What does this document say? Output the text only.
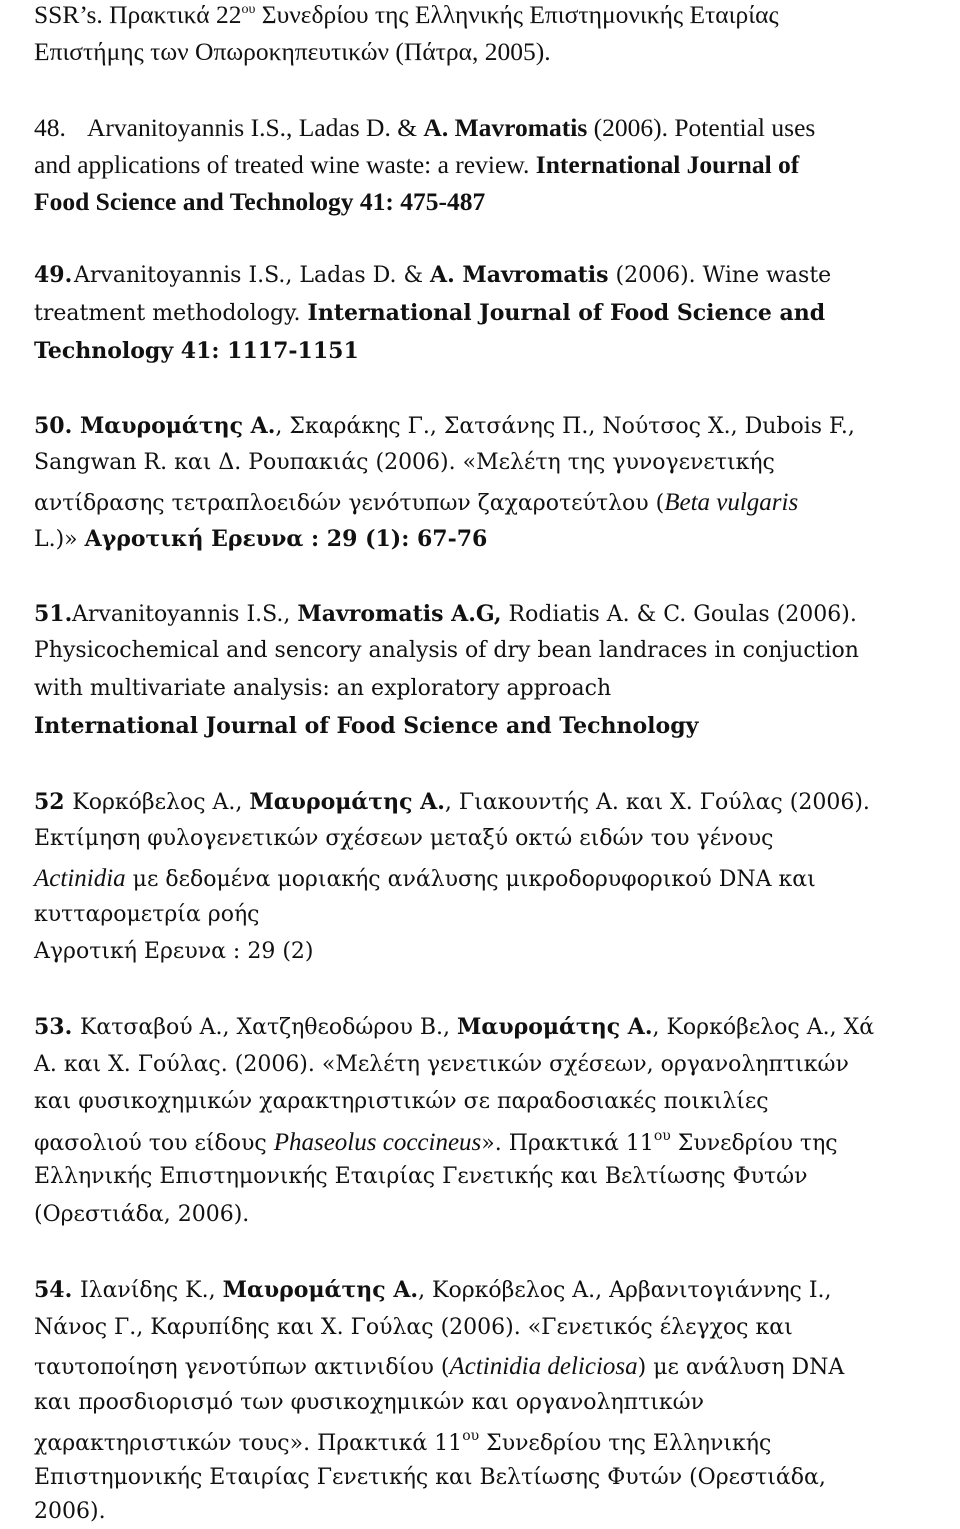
SSR’s. Πρακτικά $22^{o\upsilon}$ Συνεδρίου της Ελληνικής Επιστημονικής Εταιρίας
Επιστήμης των Οπωροκηπευτικών (Πάτρα, 2005).
48. Arvanitoyannis I.S., Ladas D. & A. Mavromatis (2006). Potential uses
and applications of treated wine waste: a review. International Journal of
Food Science and Technology 41: 475-487
49.Arvanitoyannis I.S., Ladas D. & A. Mavromatis (2006). Wine waste
treatment methodology. International Journal of Food Science and
Technology 41: 1117-1151
50. Μαυρομάτης Α., Σκαράκης Γ., Σατσάνης Π., Νούτσος Χ., Dubois F.,
Sangwan R. και Δ. Ρουπακιάς (2006). «Μελέτη της γυνογενετικής
αντίδρασης τετραπλοειδών γενότυπων ζαχαροτεύτλου (Beta vulgaris
L.)» Αγροτική Ερευνα : 29 (1): 67-76
51.Arvanitoyannis I.S., Mavromatis A.G, Rodiatis A. & C. Goulas (2006).
Physicochemical and sencory analysis of dry bean landraces in conjuction
with multivariate analysis: an exploratory approach
International Journal of Food Science and Technology
52 Κορκόβελος Α., Μαυρομάτης Α., Γιακουντής Α. και Χ. Γούλας (2006).
Εκτίμηση φυλογενετικών σχέσεων μεταξύ οκτώ ειδών του γένους
Actinidia με δεδομένα μοριακής ανάλυσης μικροδορυφορικού DNA και
κυτταρομετρία ροής
Αγροτική Ερευνα : 29 (2)
53. Κατσαβού Α., Χατζηθεοδώρου Β., Μαυρομάτης Α., Κορκόβελος Α., Χά
Α. και Χ. Γούλας. (2006). «Μελέτη γενετικών σχέσεων, οργανοληπτικών
και φυσικοχημικών χαρακτηριστικών σε παραδοσιακές ποικιλίες
φασολιού του είδους Phaseolus coccineus». Πρακτικά $11^{o\upsilon}$ Συνεδρίου της
Ελληνικής Επιστημονικής Εταιρίας Γενετικής και Βελτίωσης Φυτών
(Ορεστιάδα, 2006).
54. Ιλανίδης Κ., Μαυρομάτης Α., Κορκόβελος Α., Αρβανιτογιάννης Ι.,
Νάνος Γ., Καρυπίδης και Χ. Γούλας (2006). «Γενετικός έλεγχος και
ταυτοποίηση γενοτύπων ακτινιδίου (Actinidia deliciosa) με ανάλυση DNA
και προσδιορισμό των φυσικοχημικών και οργανοληπτικών
χαρακτηριστικών τους». Πρακτικά $11^{o\upsilon}$ Συνεδρίου της Ελληνικής
Επιστημονικής Εταιρίας Γενετικής και Βελτίωσης Φυτών (Ορεστιάδα,
2006).
